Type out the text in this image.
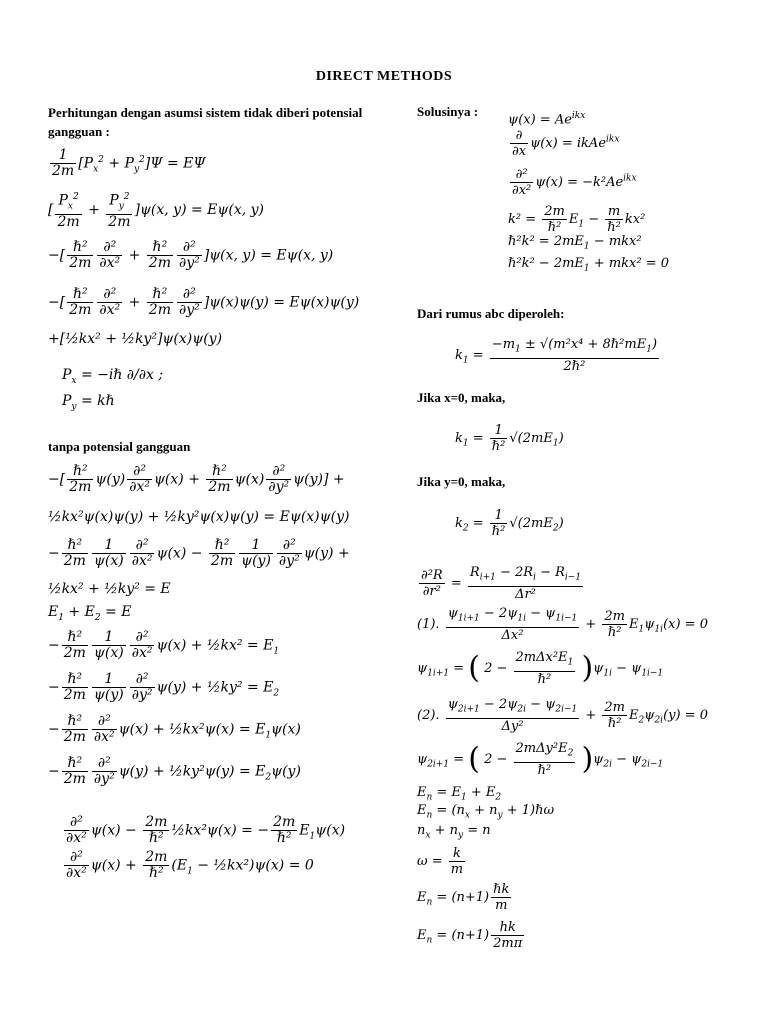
DIRECT METHODS
Perhitungan dengan asumsi sistem tidak diberi potensial gangguan :
$\frac{1}{2m} [P_x^2 + P_y^2]\Psi = E\Psi$
[ $\frac{P_x^2}{2m} + \frac{P_y^2}{2m} ]\psi(x$, y) = Eψ(x, y)
−[ $\frac{\text{ℏ²}}{2m} \frac{\text{∂²}}{\text{∂x²}} + \frac{\text{ℏ²}}{2m} \frac{\text{∂²}}{\text{∂y²}} ]\psi(x$, y) = Eψ(x, y)
−[ $\frac{\text{ℏ²}}{2m} \frac{\text{∂²}}{\text{∂x²}} + \frac{\text{ℏ²}}{2m} \frac{\text{∂²}}{\text{∂y²}} ]\psi(x)\psi(y) = E\psi(x)\psi(y)$
+[½kx² + ½ky²]ψ(x)ψ(y)
$P_x$ = −iℏ ∂/∂x ;
$P_y$ = kℏ
tanpa potensial gangguan
−[ $\frac{\text{ℏ²}}{2m} \psi(y) \frac{\text{∂²}}{\text{∂x²}} \psi(x) + \frac{\text{ℏ²}}{2m} \psi(x) \frac{\text{∂²}}{\text{∂y²}} \psi(y)$] +
½kx²ψ(x)ψ(y) + ½ky²ψ(x)ψ(y) = Eψ(x)ψ(y)
− $\frac{\text{ℏ²}}{2m} \frac{1}{\psi(x)} \frac{\text{∂²}}{\text{∂x²}} \psi(x) - \frac{\text{ℏ²}}{2m} \frac{1}{\psi(y)} \frac{\text{∂²}}{\text{∂y²}} \psi(y)$ +
½kx² + ½ky² = E
$E_1 + E_2 = E$
− $\frac{\text{ℏ²}}{2m} \frac{1}{\psi(x)} \frac{\text{∂²}}{\text{∂x²}} \psi(x)$ + ½kx² = $E_1$
− $\frac{\text{ℏ²}}{2m} \frac{1}{\psi(y)} \frac{\text{∂²}}{\text{∂y²}} \psi(y)$ + ½ky² = $E_2$
− $\frac{\text{ℏ²}}{2m} \frac{\text{∂²}}{\text{∂x²}} \psi(x)$ + ½kx²ψ(x) = $E_1\psi(x)$
− $\frac{\text{ℏ²}}{2m} \frac{\text{∂²}}{\text{∂y²}} \psi(y)$ + ½ky²ψ(y) = $E_2\psi(y)$
$\frac{\text{∂²}}{\text{∂x²}} \psi(x) - \frac{2m}{\text{ℏ²}}$ ½kx²ψ(x) = − $\frac{2m}{\text{ℏ²}} E_1\psi(x)$
$\frac{\text{∂²}}{\text{∂x²}} \psi(x) + \frac{2m}{\text{ℏ²}} (E_1$ − ½kx²)ψ(x) = 0
Solusinya :
$\psi(x) = Ae^{ikx}$
$\frac{\partial}{\partial x} \psi(x)$ = ikAe$^{ikx}$
$\frac{\text{∂²}}{\text{∂x²}} \psi(x) = -k^2Ae^{ikx}$
$k^2 = \frac{2m}{\text{ℏ²}} E_1 - \frac{m}{\text{ℏ²}} kx^2$
ℏ²k² = $2mE_1 - mkx^2$
ℏ²k² − $2mE_1 + mkx^2 = 0$
Dari rumus abc diperoleh:
$k_1 = \frac{-m_1 \pm √(m^2x^4 + 8\hbar^2mE_1)}{\text{2ℏ²}}$
Jika x=0, maka,
$k_1 = \frac{1}{\text{ℏ²}} √(2mE_1)$
Jika y=0, maka,
$k_2 = \frac{1}{\text{ℏ²}} √(2mE_2)$
$\frac{\text{∂²R}}{\text{∂r²}} = \frac{R_{i+1} - 2R_i - R_{i-1}}{\text{Δr²}}$
(1). $\frac{\psi_{1i+1} - 2\psi_{1i} - \psi_{1i-1}}{\text{Δx²}} + \frac{2m}{\text{ℏ²}} E_1\psi_{1i}(x) = 0$
$\psi_{1i+1}$ = ( $2 - \frac{2m\Delta x^2E_1}{\text{ℏ²}} )\psi_{1i} - \psi_{1i-1}$
(2). $\frac{\psi_{2i+1} - 2\psi_{2i} - \psi_{2i-1}}{\text{Δy²}} + \frac{2m}{\text{ℏ²}} E_2\psi_{2i}(y) = 0$
$\psi_{2i+1}$ = ( $2 - \frac{2m\Delta y^2E_2}{\text{ℏ²}} )\psi_{2i} - \psi_{2i-1}$
$E_n = E_1 + E_2$
$E_n = (n_x + n_y$ + 1)ℏω
$n_x + n_y = n$
$\omega = \frac{k}{m}$
$E_n = (n+1) \frac{\text{ℏk}}{m}$
$E_n = (n+1) \frac{hk}{2m\pi}$
